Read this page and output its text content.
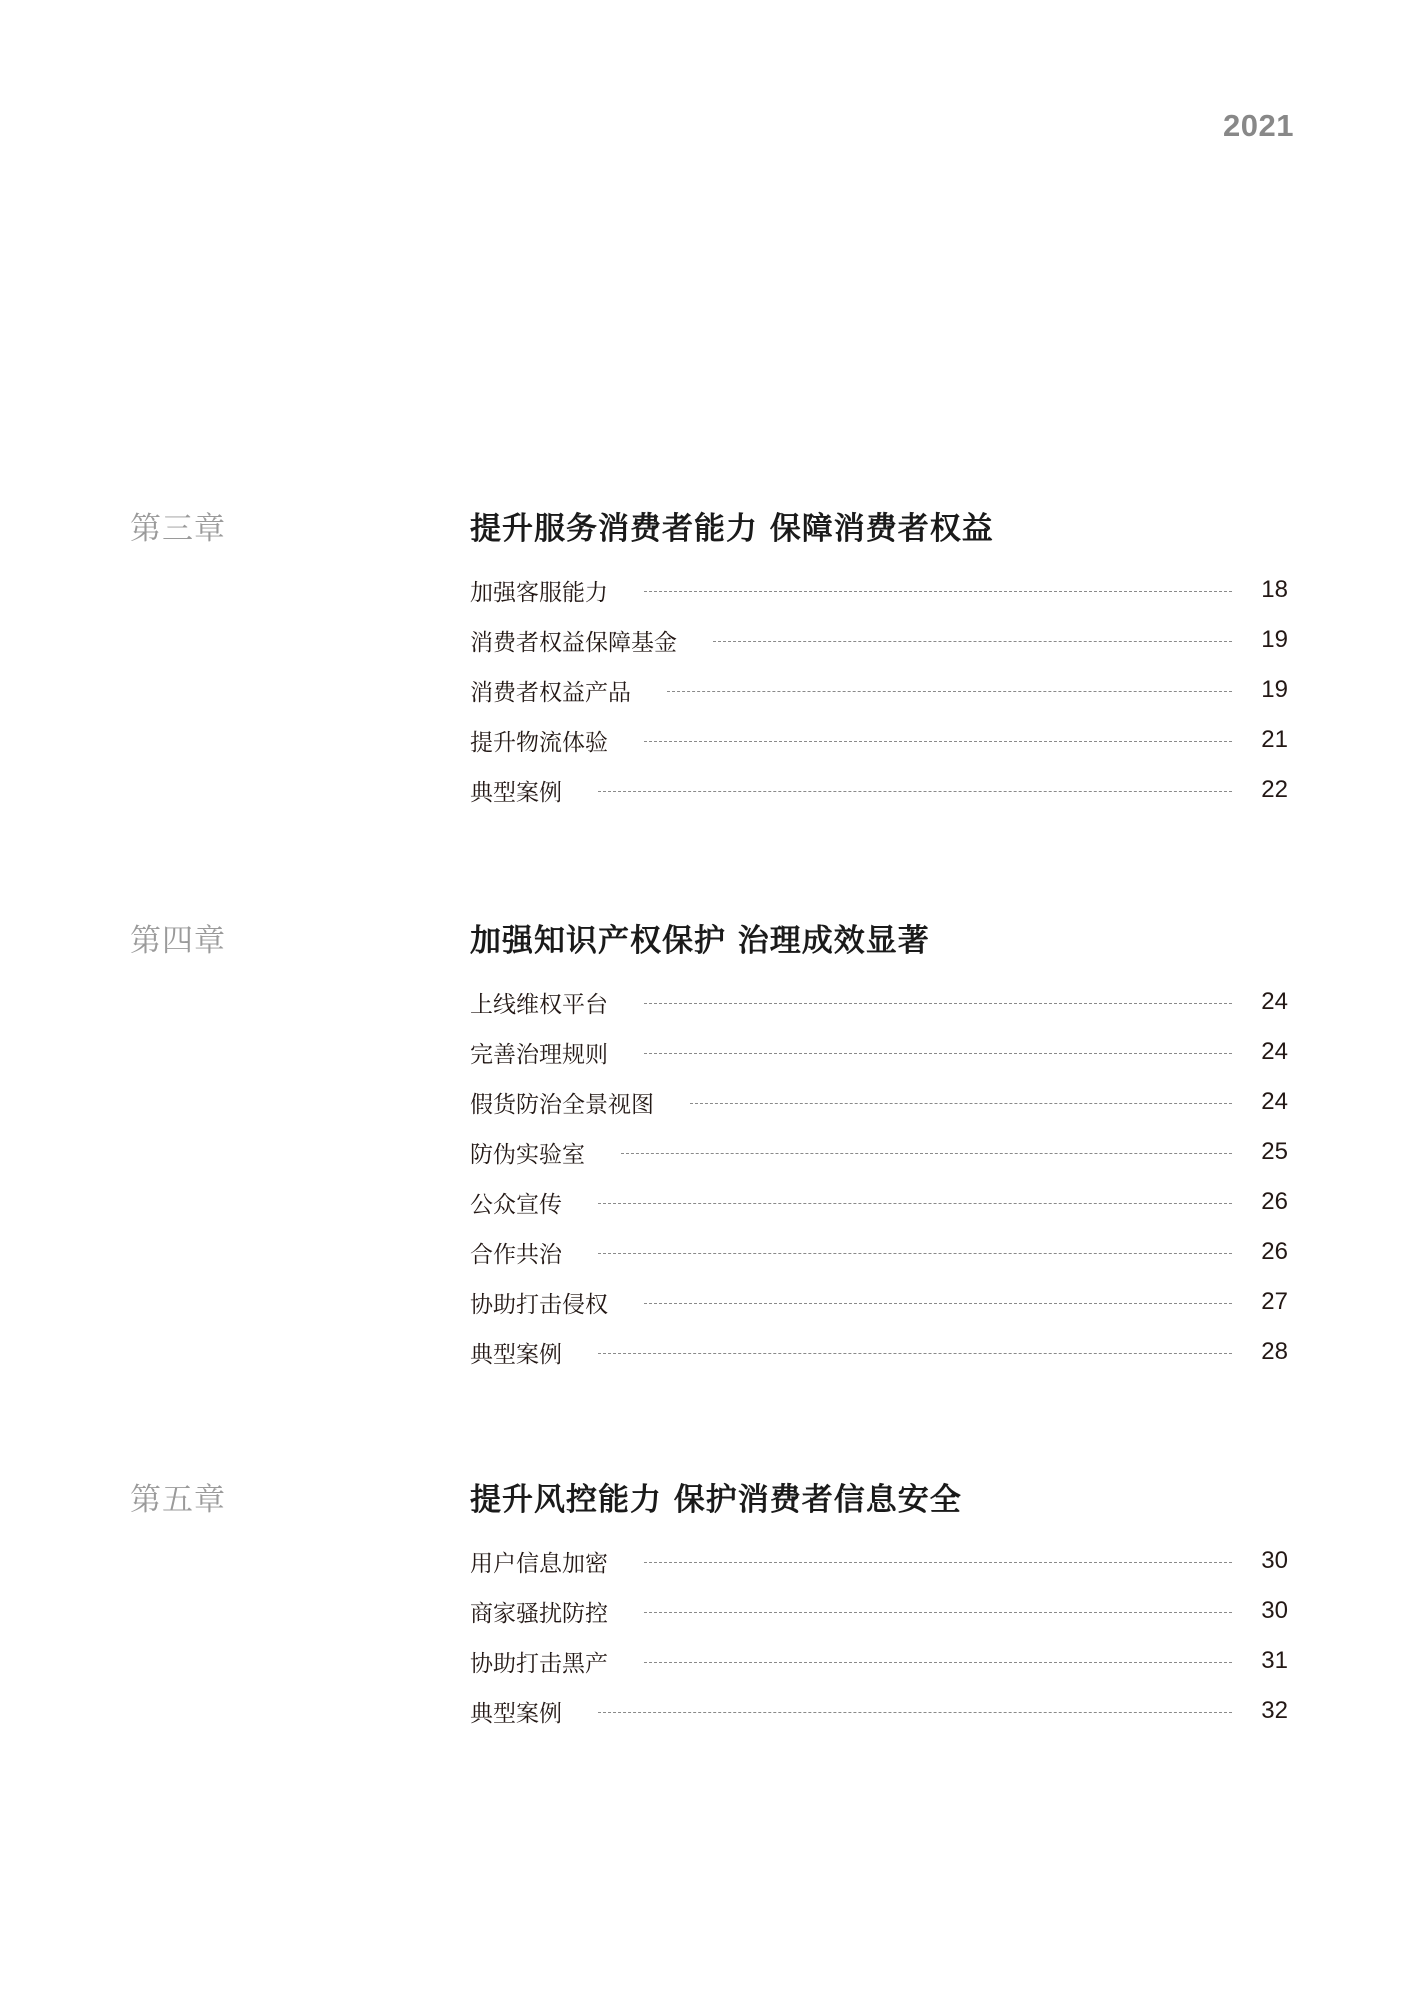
2021
第三章	提升服务消费者能力 保障消费者权益
加强客服能力	18
消费者权益保障基金	19
消费者权益产品	19
提升物流体验	21
典型案例	22
第四章	加强知识产权保护 治理成效显著
上线维权平台	24
完善治理规则	24
假货防治全景视图	24
防伪实验室	25
公众宣传	26
合作共治	26
协助打击侵权	27
典型案例	28
第五章	提升风控能力 保护消费者信息安全
用户信息加密	30
商家骚扰防控	30
协助打击黑产	31
典型案例	32
